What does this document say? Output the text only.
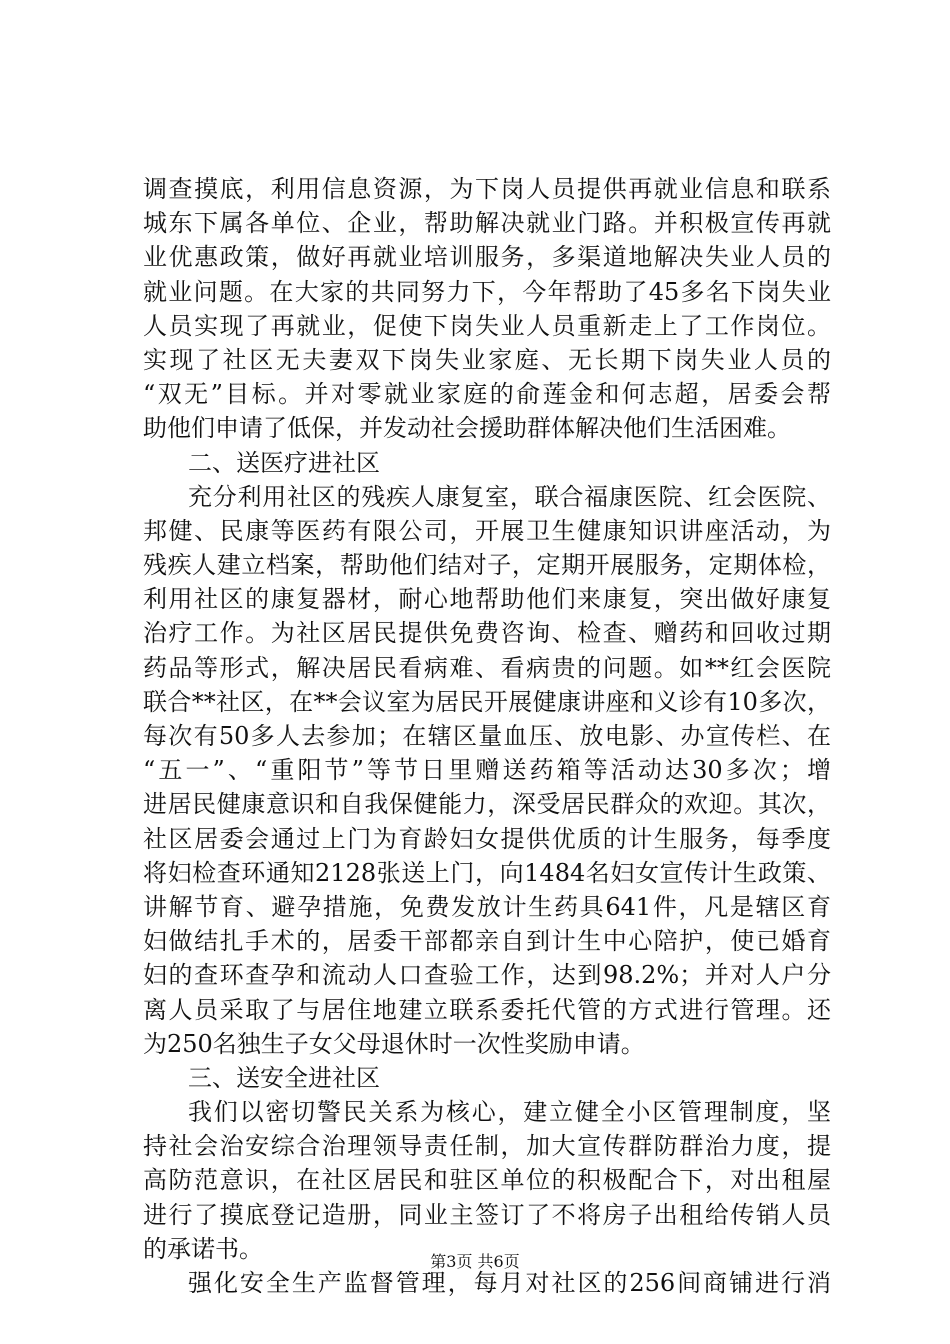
调查摸底，利用信息资源，为下岗人员提供再就业信息和联系
城东下属各单位、企业，帮助解决就业门路。并积极宣传再就
业优惠政策，做好再就业培训服务，多渠道地解决失业人员的
就业问题。在大家的共同努力下，今年帮助了45多名下岗失业
人员实现了再就业，促使下岗失业人员重新走上了工作岗位。
实现了社区无夫妻双下岗失业家庭、无长期下岗失业人员的
“双无”目标。并对零就业家庭的俞莲金和何志超，居委会帮
助他们申请了低保，并发动社会援助群体解决他们生活困难。
二、送医疗进社区
充分利用社区的残疾人康复室，联合福康医院、红会医院、
邦健、民康等医药有限公司，开展卫生健康知识讲座活动，为
残疾人建立档案，帮助他们结对子，定期开展服务，定期体检，
利用社区的康复器材，耐心地帮助他们来康复，突出做好康复
治疗工作。为社区居民提供免费咨询、检查、赠药和回收过期
药品等形式，解决居民看病难、看病贵的问题。如**红会医院
联合**社区，在**会议室为居民开展健康讲座和义诊有10多次，
每次有50多人去参加；在辖区量血压、放电影、办宣传栏、在
“五一”、“重阳节”等节日里赠送药箱等活动达30多次；增
进居民健康意识和自我保健能力，深受居民群众的欢迎。其次，
社区居委会通过上门为育龄妇女提供优质的计生服务，每季度
将妇检查环通知2128张送上门，向1484名妇女宣传计生政策、
讲解节育、避孕措施，免费发放计生药具641件，凡是辖区育
妇做结扎手术的，居委干部都亲自到计生中心陪护，使已婚育
妇的查环查孕和流动人口查验工作，达到98.2%；并对人户分
离人员采取了与居住地建立联系委托代管的方式进行管理。还
为250名独生子女父母退休时一次性奖励申请。
三、送安全进社区
我们以密切警民关系为核心，建立健全小区管理制度，坚
持社会治安综合治理领导责任制，加大宣传群防群治力度，提
高防范意识，在社区居民和驻区单位的积极配合下，对出租屋
进行了摸底登记造册，同业主签订了不将房子出租给传销人员
的承诺书。
强化安全生产监督管理，每月对社区的256间商铺进行消
第3页 共6页
